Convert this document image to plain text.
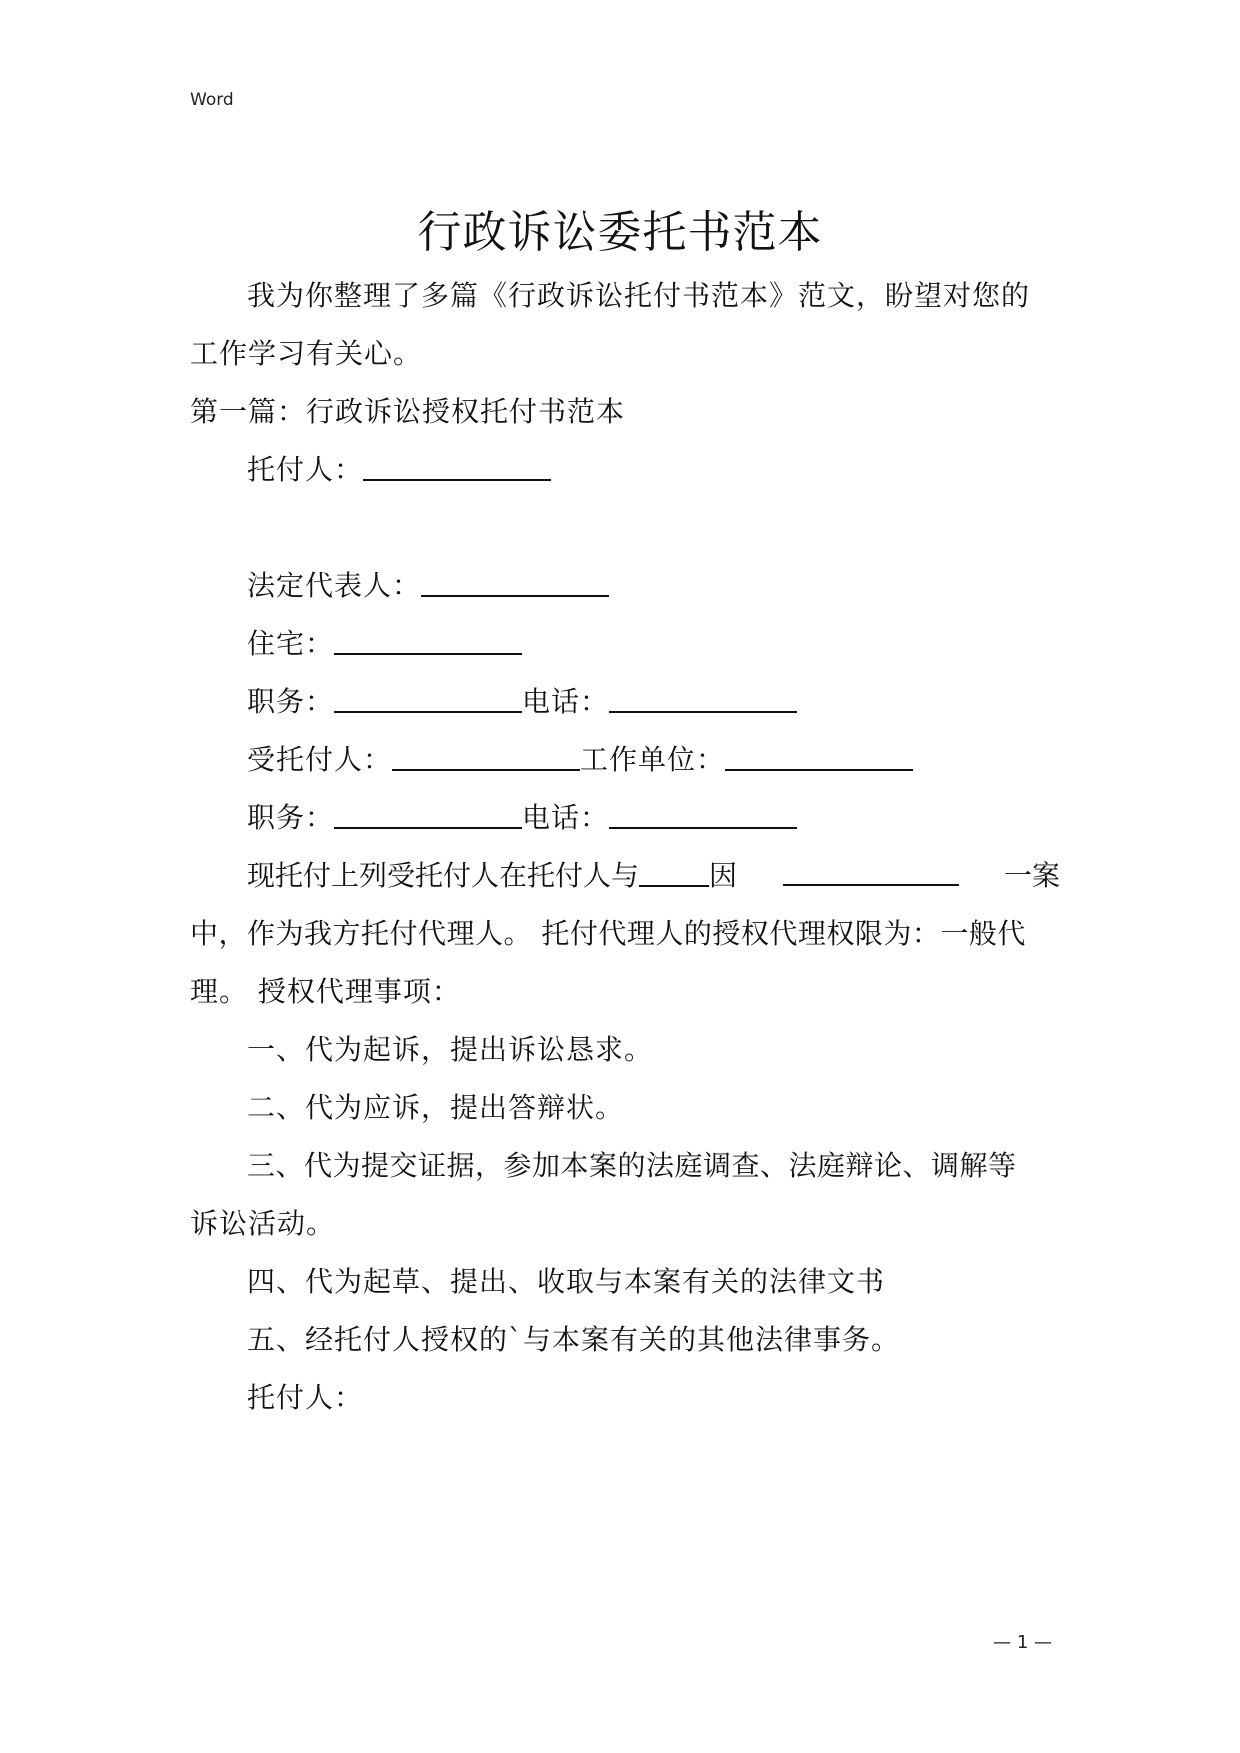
Word
行政诉讼委托书范本
我为你整理了多篇《行政诉讼托付书范本》范文，盼望对您的
工作学习有关心。
第一篇：行政诉讼授权托付书范本
托付人：
法定代表人：
住宅：
职务：	电话：
受托付人：	工作单位：
职务：	电话：
现托付上列受托付人在托付人与	因	一案
中，作为我方托付代理人。 托付代理人的授权代理权限为：一般代
理。 授权代理事项：
一、代为起诉，提出诉讼恳求。
二、代为应诉，提出答辩状。
三、代为提交证据，参加本案的法庭调查、法庭辩论、调解等
诉讼活动。
四、代为起草、提出、收取与本案有关的法律文书
五、经托付人授权的`与本案有关的其他法律事务。
托付人：
— 1 —
